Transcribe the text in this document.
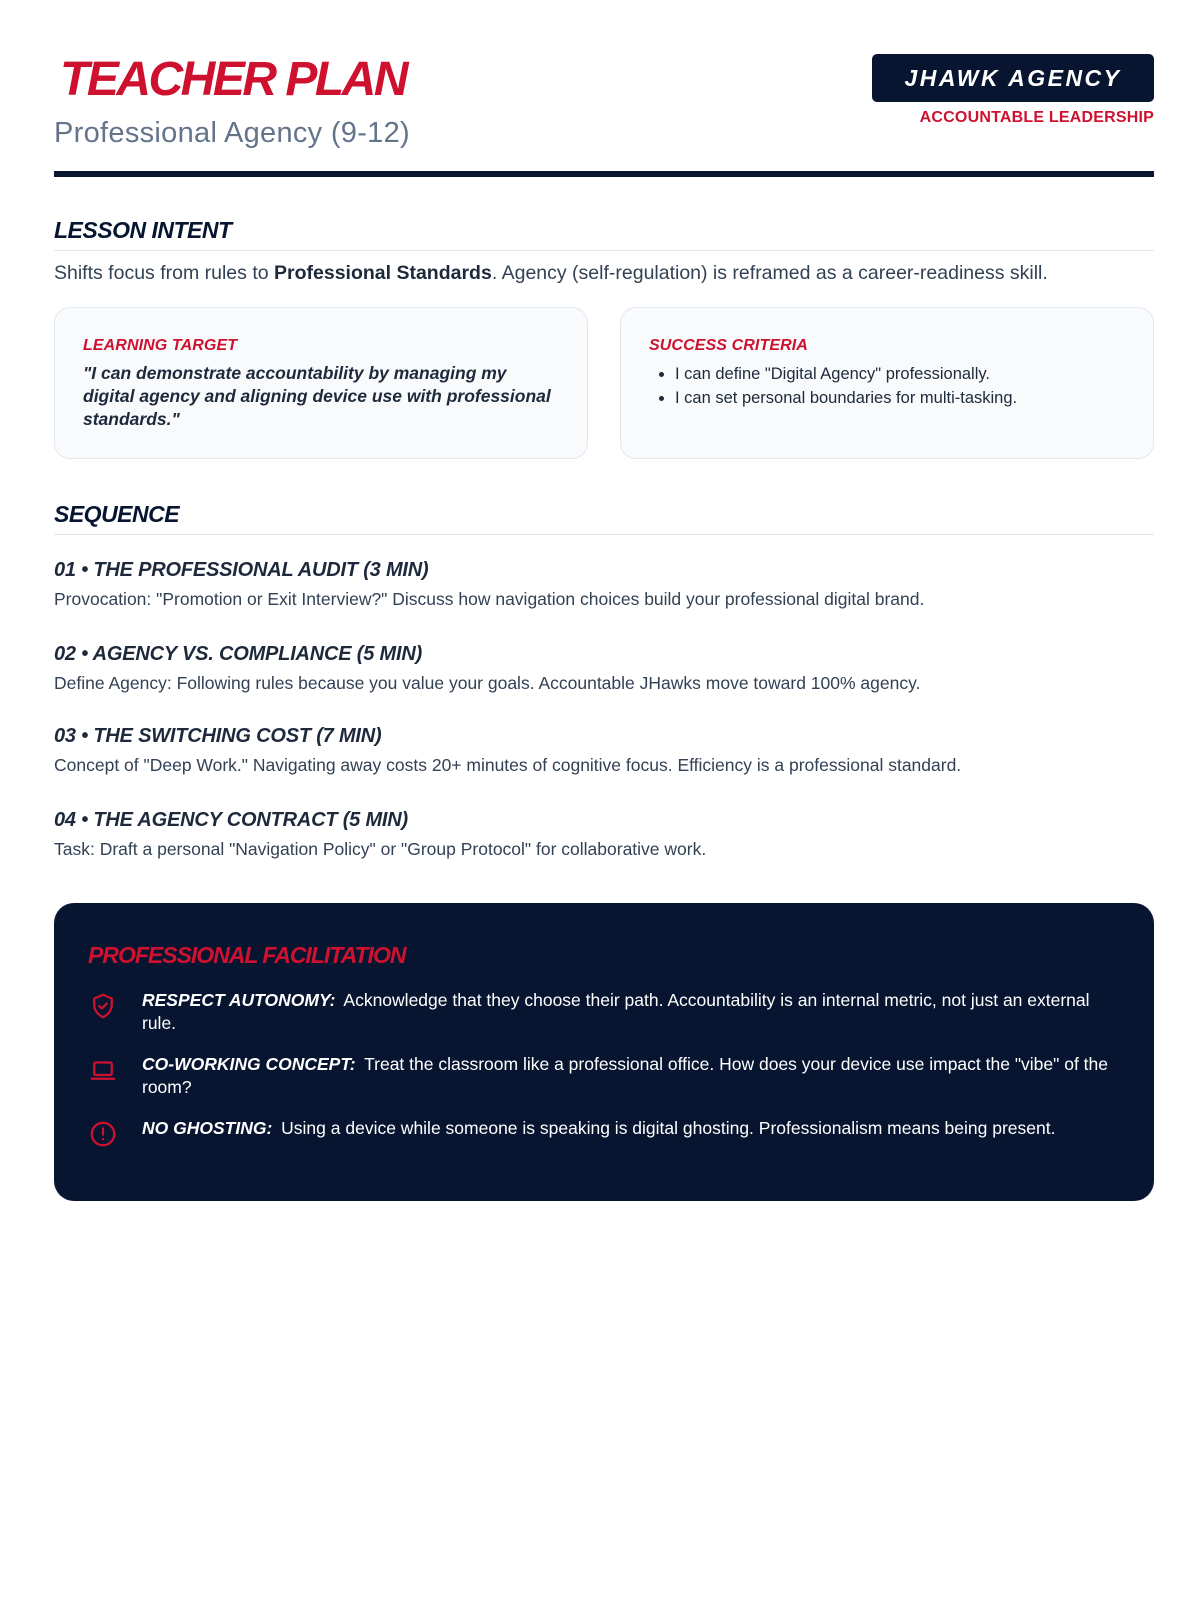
TEACHER PLAN
Professional Agency (9-12)
JHAWK AGENCY
ACCOUNTABLE LEADERSHIP
LESSON INTENT
Shifts focus from rules to Professional Standards. Agency (self-regulation) is reframed as a career-readiness skill.
LEARNING TARGET
"I can demonstrate accountability by managing my digital agency and aligning device use with professional standards."
SUCCESS CRITERIA
• I can define "Digital Agency" professionally.
• I can set personal boundaries for multi-tasking.
SEQUENCE
01 • THE PROFESSIONAL AUDIT (3 MIN)
Provocation: "Promotion or Exit Interview?" Discuss how navigation choices build your professional digital brand.
02 • AGENCY VS. COMPLIANCE (5 MIN)
Define Agency: Following rules because you value your goals. Accountable JHawks move toward 100% agency.
03 • THE SWITCHING COST (7 MIN)
Concept of "Deep Work." Navigating away costs 20+ minutes of cognitive focus. Efficiency is a professional standard.
04 • THE AGENCY CONTRACT (5 MIN)
Task: Draft a personal "Navigation Policy" or "Group Protocol" for collaborative work.
PROFESSIONAL FACILITATION
RESPECT AUTONOMY: Acknowledge that they choose their path. Accountability is an internal metric, not just an external rule.
CO-WORKING CONCEPT: Treat the classroom like a professional office. How does your device use impact the "vibe" of the room?
NO GHOSTING: Using a device while someone is speaking is digital ghosting. Professionalism means being present.
